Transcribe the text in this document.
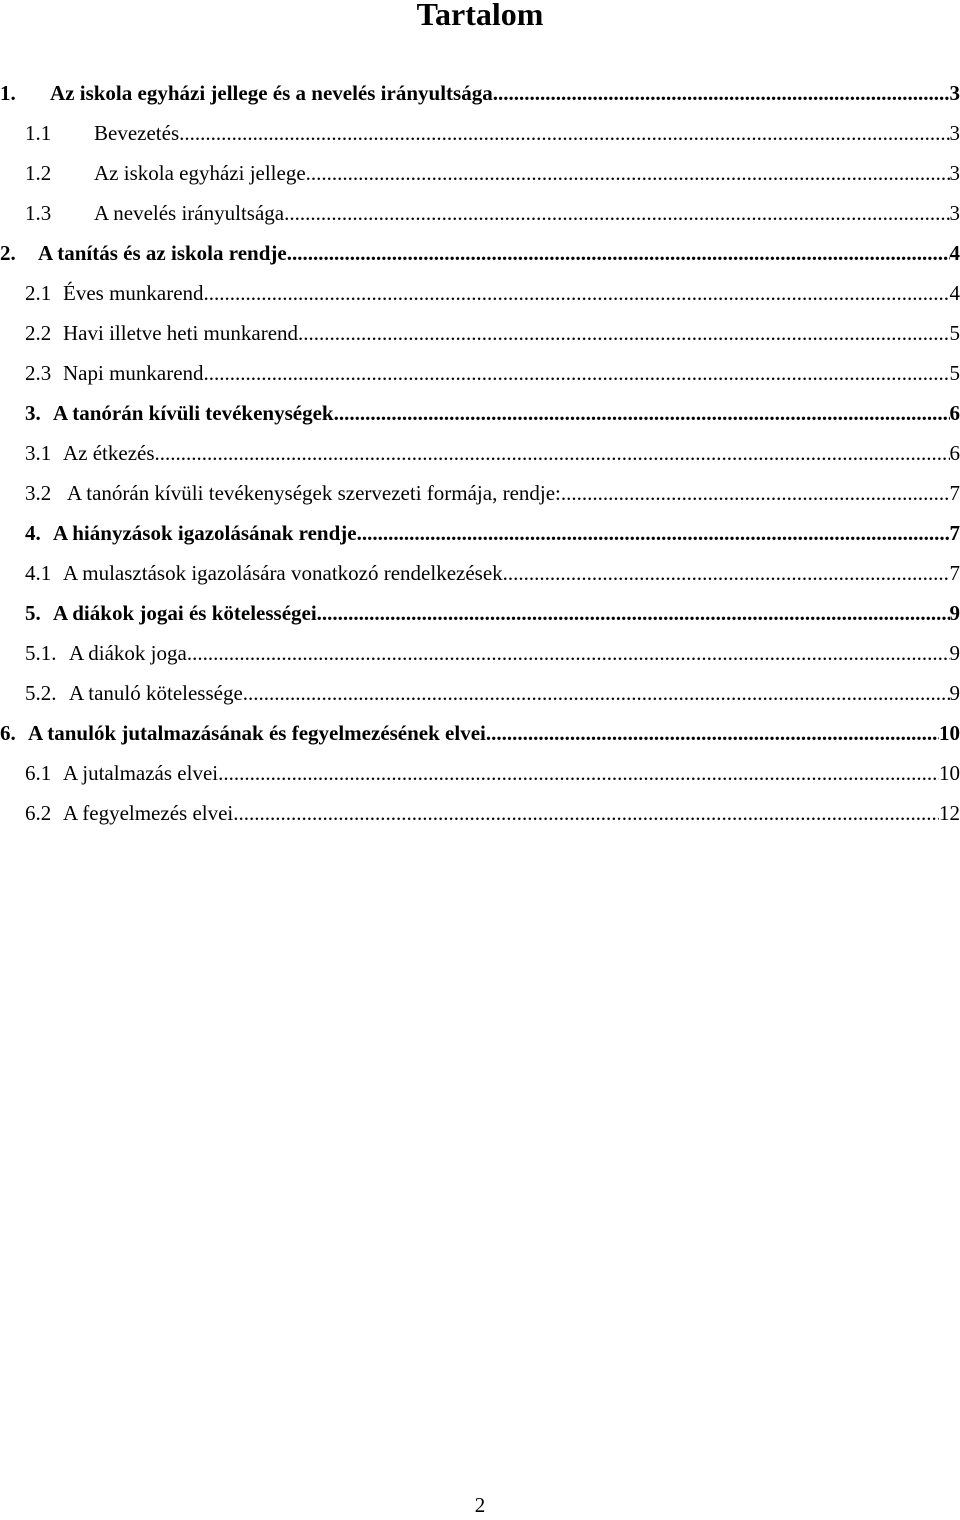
Tartalom
1.	Az iskola egyházi jellege és a nevelés irányultsága .....	3
1.1	Bevezetés .....	3
1.2	Az iskola egyházi jellege .....	3
1.3	A nevelés irányultsága .....	3
2.	A tanítás és az iskola rendje .....	4
2.1 Éves munkarend .....	4
2.2 Havi illetve heti munkarend .....	5
2.3 Napi munkarend .....	5
3. A tanórán kívüli tevékenységek .....	6
3.1 Az étkezés .....	6
3.2 A tanórán kívüli tevékenységek szervezeti formája, rendje: .....	7
4. A hiányzások igazolásának rendje .....	7
4.1 A mulasztások igazolására vonatkozó rendelkezések .....	7
5. A diákok jogai és kötelességei .....	9
5.1. A diákok joga .....	9
5.2. A tanuló kötelessége .....	9
6. A tanulók jutalmazásának és fegyelmezésének elvei .....	10
6.1 A jutalmazás elvei .....	10
6.2 A fegyelmezés elvei .....	12
2
